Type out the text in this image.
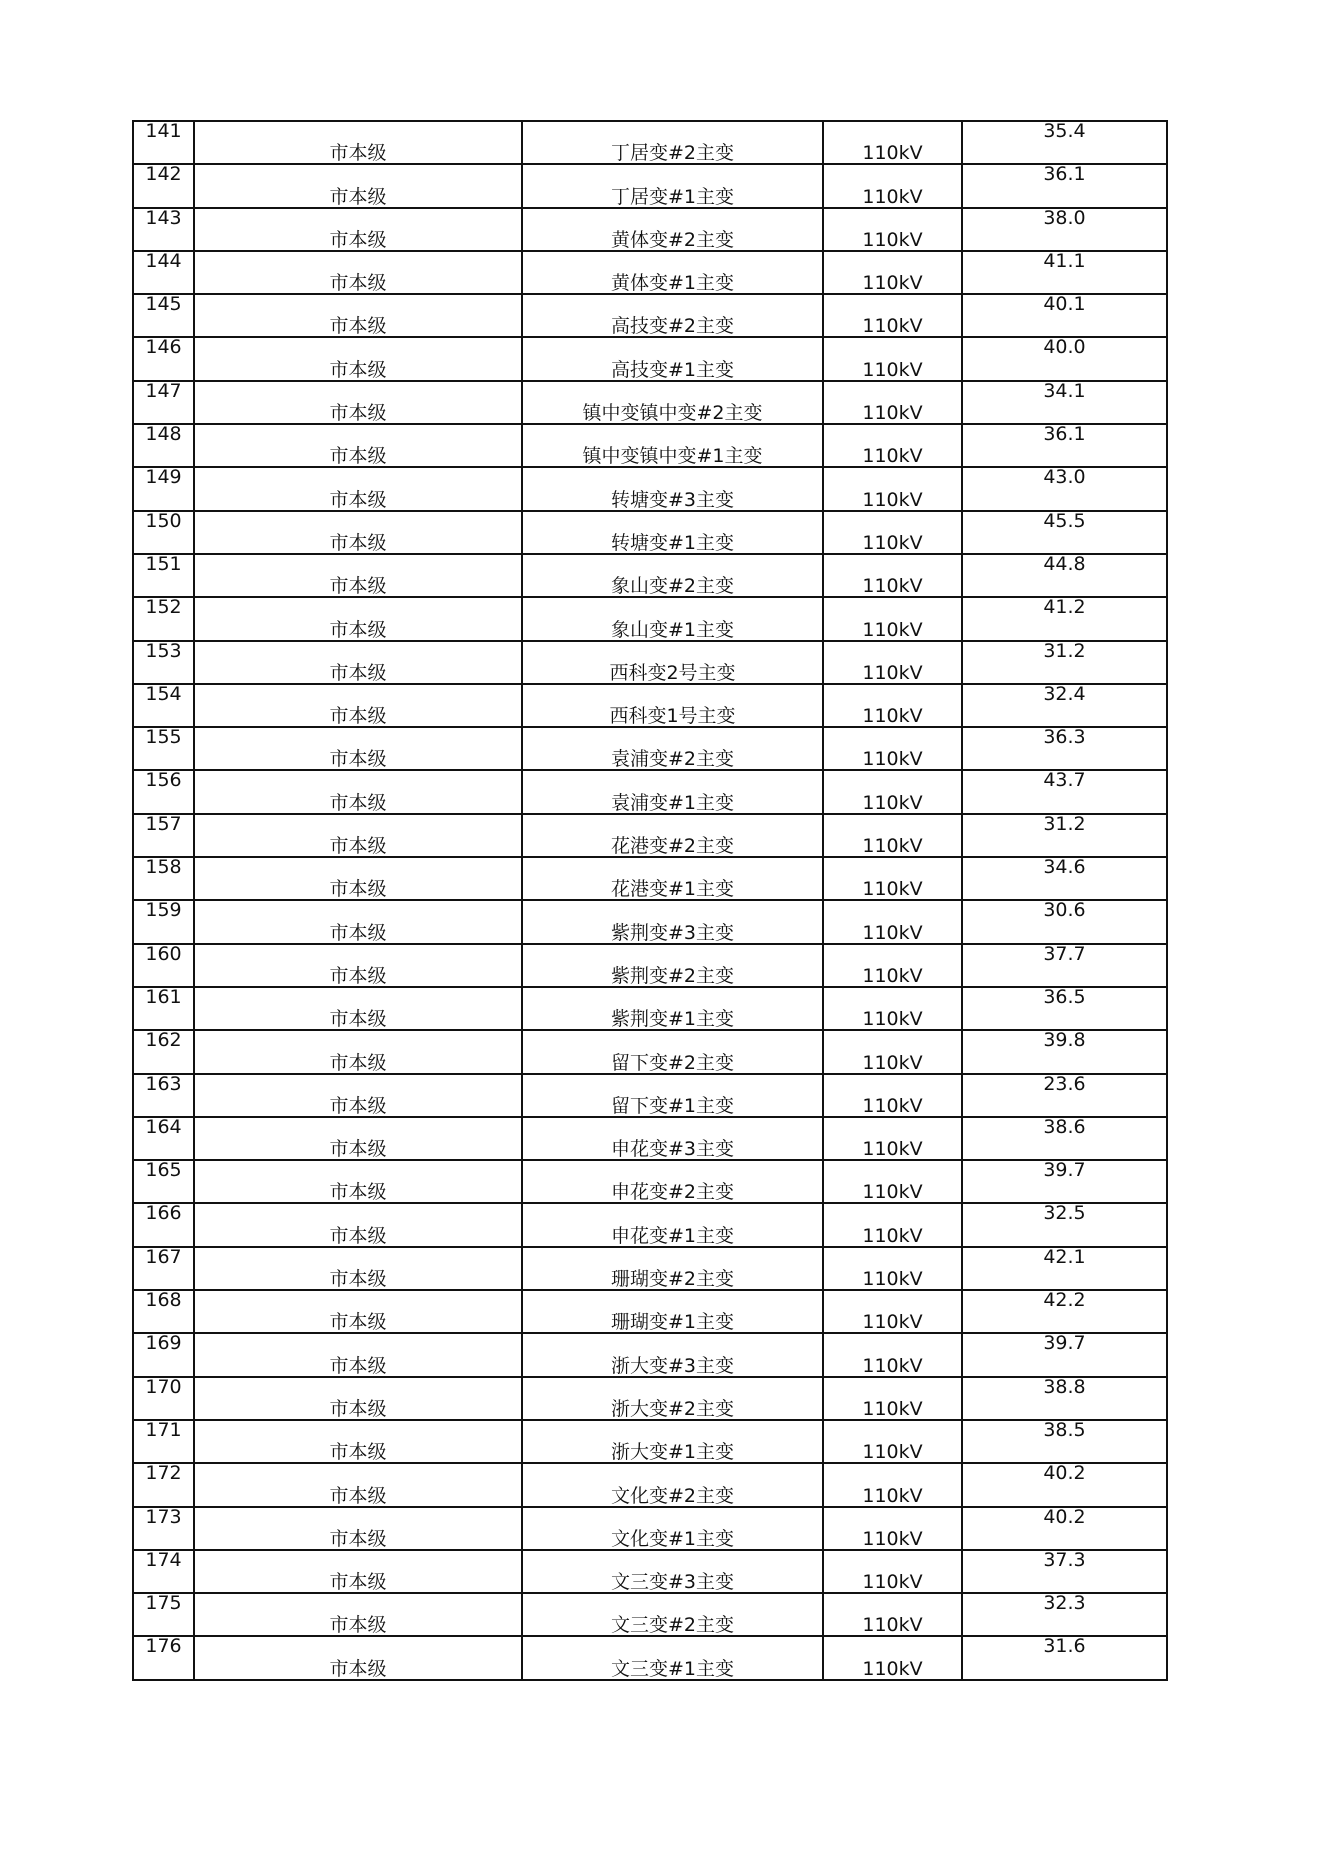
141	市本级	丁居变#2主变	110kV	35.4
142	市本级	丁居变#1主变	110kV	36.1
143	市本级	黄体变#2主变	110kV	38.0
144	市本级	黄体变#1主变	110kV	41.1
145	市本级	高技变#2主变	110kV	40.1
146	市本级	高技变#1主变	110kV	40.0
147	市本级	镇中变镇中变#2主变	110kV	34.1
148	市本级	镇中变镇中变#1主变	110kV	36.1
149	市本级	转塘变#3主变	110kV	43.0
150	市本级	转塘变#1主变	110kV	45.5
151	市本级	象山变#2主变	110kV	44.8
152	市本级	象山变#1主变	110kV	41.2
153	市本级	西科变2号主变	110kV	31.2
154	市本级	西科变1号主变	110kV	32.4
155	市本级	袁浦变#2主变	110kV	36.3
156	市本级	袁浦变#1主变	110kV	43.7
157	市本级	花港变#2主变	110kV	31.2
158	市本级	花港变#1主变	110kV	34.6
159	市本级	紫荆变#3主变	110kV	30.6
160	市本级	紫荆变#2主变	110kV	37.7
161	市本级	紫荆变#1主变	110kV	36.5
162	市本级	留下变#2主变	110kV	39.8
163	市本级	留下变#1主变	110kV	23.6
164	市本级	申花变#3主变	110kV	38.6
165	市本级	申花变#2主变	110kV	39.7
166	市本级	申花变#1主变	110kV	32.5
167	市本级	珊瑚变#2主变	110kV	42.1
168	市本级	珊瑚变#1主变	110kV	42.2
169	市本级	浙大变#3主变	110kV	39.7
170	市本级	浙大变#2主变	110kV	38.8
171	市本级	浙大变#1主变	110kV	38.5
172	市本级	文化变#2主变	110kV	40.2
173	市本级	文化变#1主变	110kV	40.2
174	市本级	文三变#3主变	110kV	37.3
175	市本级	文三变#2主变	110kV	32.3
176	市本级	文三变#1主变	110kV	31.6
